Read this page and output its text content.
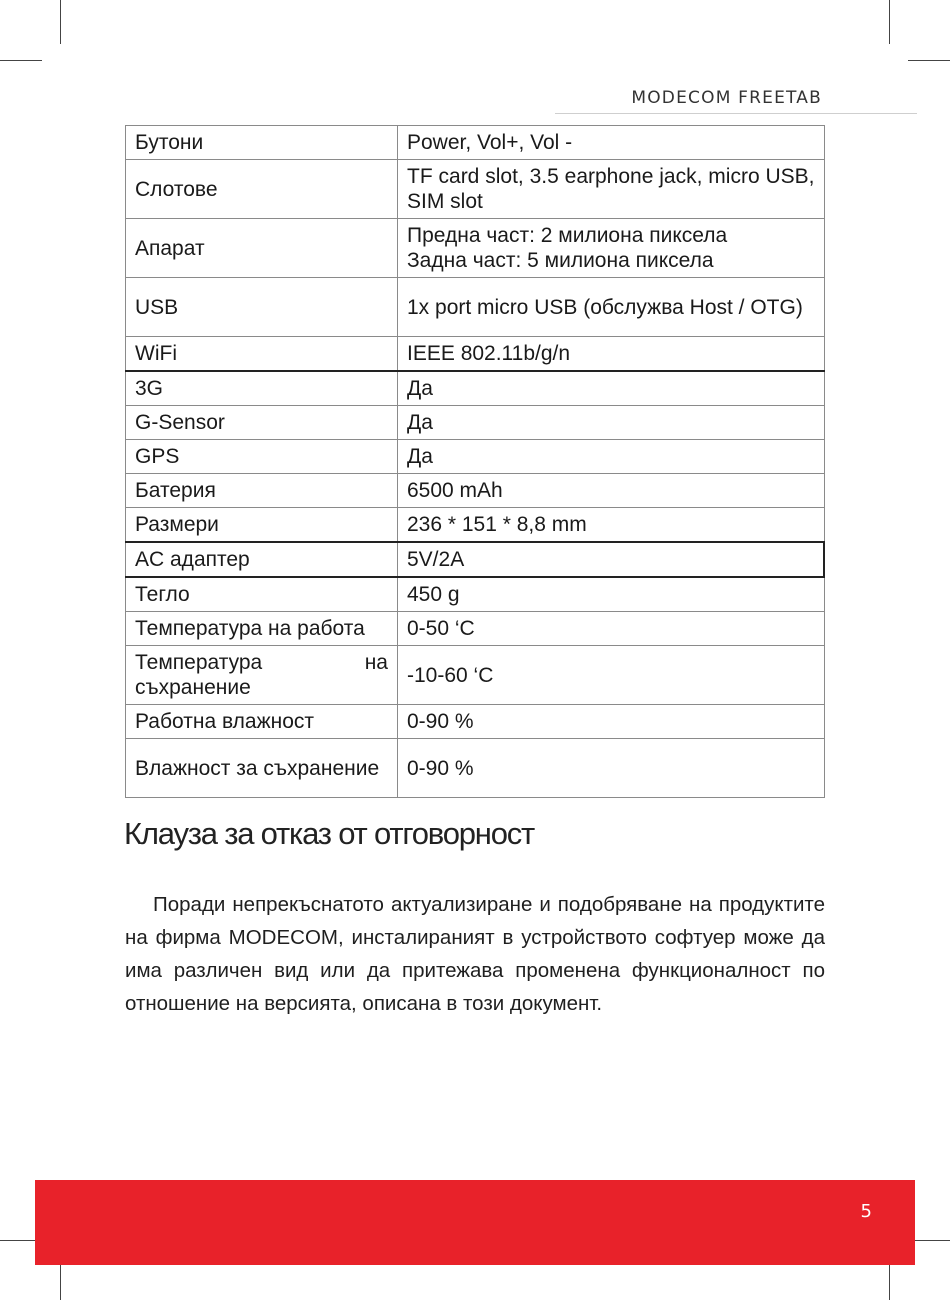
MODECOM FREETAB
Бутони	Power, Vol+, Vol -
Слотове	TF card slot, 3.5 earphone jack, micro USB, SIM slot
Апарат	Предна част: 2 милиона пиксела
Задна част: 5 милиона пиксела
USB	1x port micro USB (обслужва Host / OTG)
WiFi	IEEE 802.11b/g/n
3G	Да
G-Sensor	Да
GPS	Да
Батерия	6500 mAh
Размери	236 * 151 * 8,8 mm
AC адаптер	5V/2A
Тегло	450 g
Температура на работа	0-50 ‘C
Температура на съхранение	-10-60 ‘C
Работна влажност	0-90 %
Влажност за съхранение	0-90 %
Клауза за отказ от отговорност
Поради непрекъснатото актуализиране и подобряване на продуктите на фирма MODECOM, инсталираният в устройството софтуер може да има различен вид или да притежава променена функционалност по отношение на версията, описана в този документ.
5
